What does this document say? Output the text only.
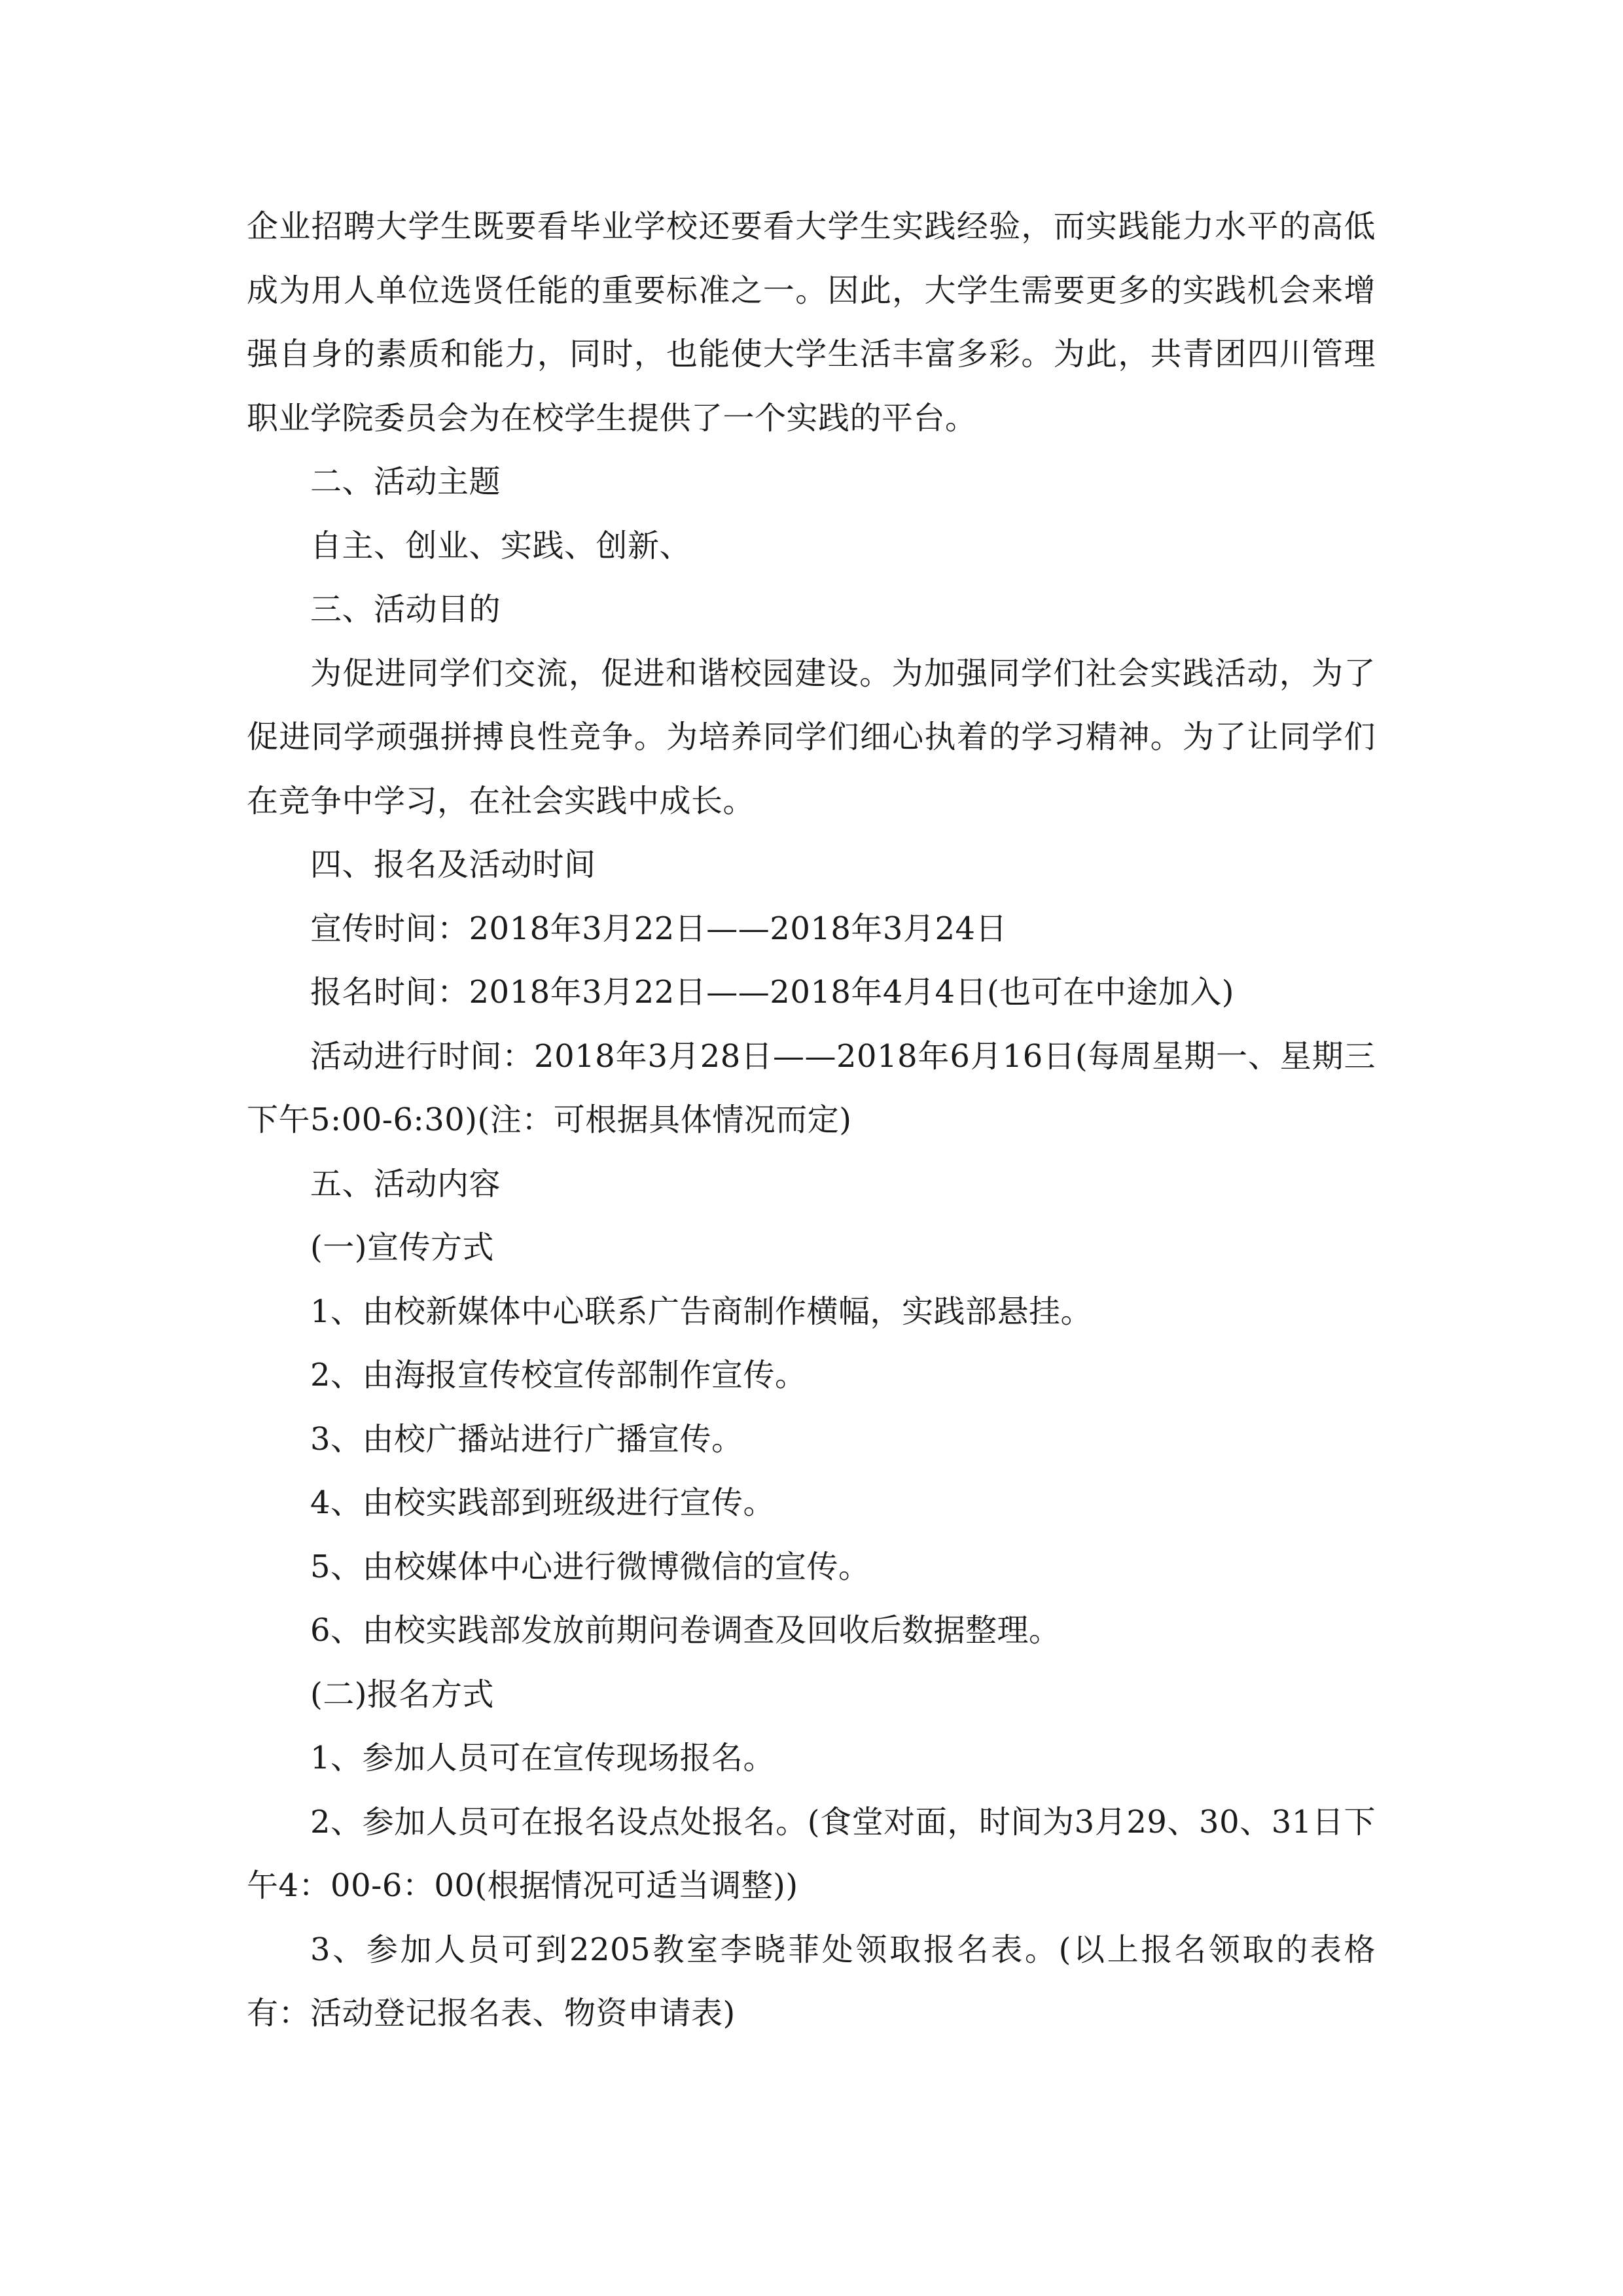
企业招聘大学生既要看毕业学校还要看大学生实践经验，而实践能力水平的高低成为用人单位选贤任能的重要标准之一。因此，大学生需要更多的实践机会来增强自身的素质和能力，同时，也能使大学生活丰富多彩。为此，共青团四川管理职业学院委员会为在校学生提供了一个实践的平台。

二、活动主题

自主、创业、实践、创新、

三、活动目的

为促进同学们交流，促进和谐校园建设。为加强同学们社会实践活动，为了促进同学顽强拼搏良性竞争。为培养同学们细心执着的学习精神。为了让同学们在竞争中学习，在社会实践中成长。

四、报名及活动时间

宣传时间：2018年3月22日——2018年3月24日

报名时间：2018年3月22日——2018年4月4日(也可在中途加入)

活动进行时间：2018年3月28日——2018年6月16日(每周星期一、星期三下午5:00-6:30)(注：可根据具体情况而定)

五、活动内容

(一)宣传方式

1、由校新媒体中心联系广告商制作横幅，实践部悬挂。

2、由海报宣传校宣传部制作宣传。

3、由校广播站进行广播宣传。

4、由校实践部到班级进行宣传。

5、由校媒体中心进行微博微信的宣传。

6、由校实践部发放前期问卷调查及回收后数据整理。

(二)报名方式

1、参加人员可在宣传现场报名。

2、参加人员可在报名设点处报名。(食堂对面，时间为3月29、30、31日下午4：00-6：00(根据情况可适当调整))

3、参加人员可到2205教室李晓菲处领取报名表。(以上报名领取的表格有：活动登记报名表、物资申请表)
